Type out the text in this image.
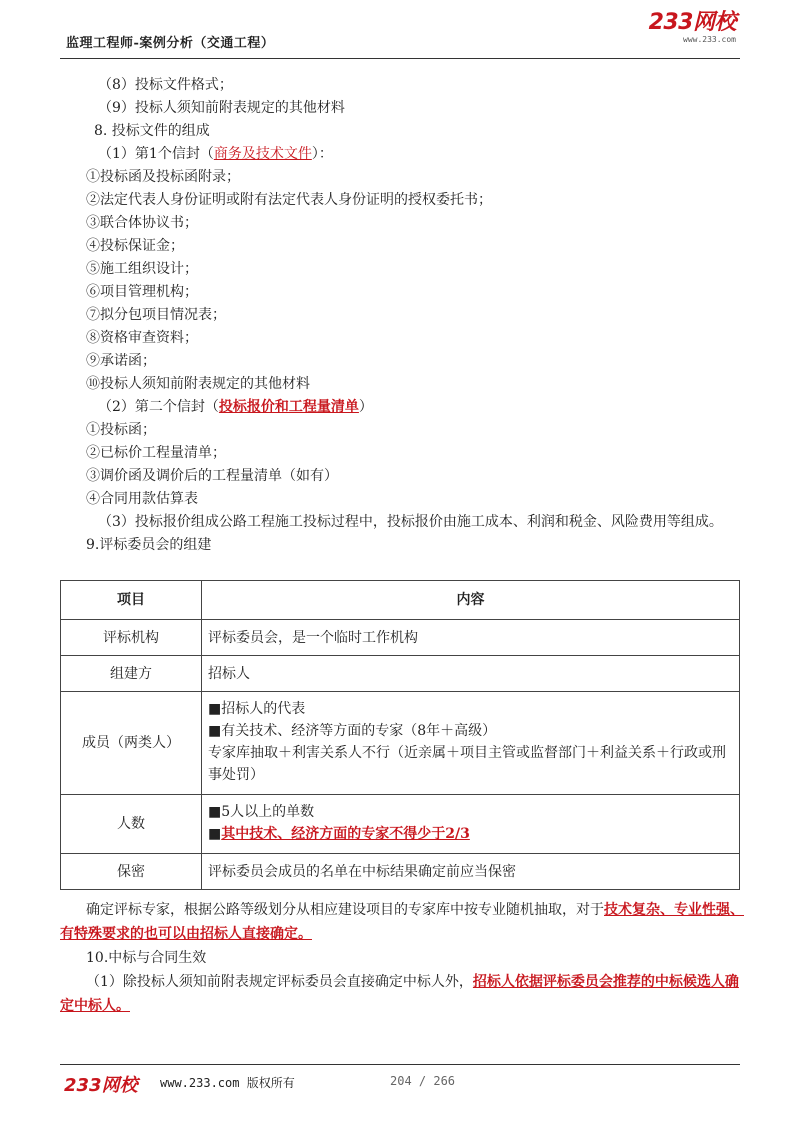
监理工程师-案例分析（交通工程）
233网校
www.233.com

（8）投标文件格式；

（9）投标人须知前附表规定的其他材料

8. 投标文件的组成

（1）第1个信封（商务及技术文件）：

①投标函及投标函附录；

②法定代表人身份证明或附有法定代表人身份证明的授权委托书；

③联合体协议书；

④投标保证金；

⑤施工组织设计；

⑥项目管理机构；

⑦拟分包项目情况表；

⑧资格审查资料；

⑨承诺函；

⑩投标人须知前附表规定的其他材料

（2）第二个信封（投标报价和工程量清单）

①投标函；

②已标价工程量清单；

③调价函及调价后的工程量清单（如有）

④合同用款估算表

（3）投标报价组成公路工程施工投标过程中，投标报价由施工成本、利润和税金、风险费用等组成。

9.评标委员会的组建

项目	内容
评标机构	评标委员会，是一个临时工作机构
组建方	招标人
成员（两类人）	■招标人的代表
■有关技术、经济等方面的专家（8年＋高级）
专家库抽取＋利害关系人不行（近亲属＋项目主管或监督部门＋利益关系＋行政或刑事处罚）

人数	■5人以上的单数
■其中技术、经济方面的专家不得少于2/3

保密	评标委员会成员的名单在中标结果确定前应当保密

确定评标专家，根据公路等级划分从相应建设项目的专家库中按专业随机抽取，对于技术复杂、专业性强、有特殊要求的也可以由招标人直接确定。

10.中标与合同生效

（1）除投标人须知前附表规定评标委员会直接确定中标人外，招标人依据评标委员会推荐的中标候选人确定中标人。

233网校 www.233.com 版权所有	204 / 266
